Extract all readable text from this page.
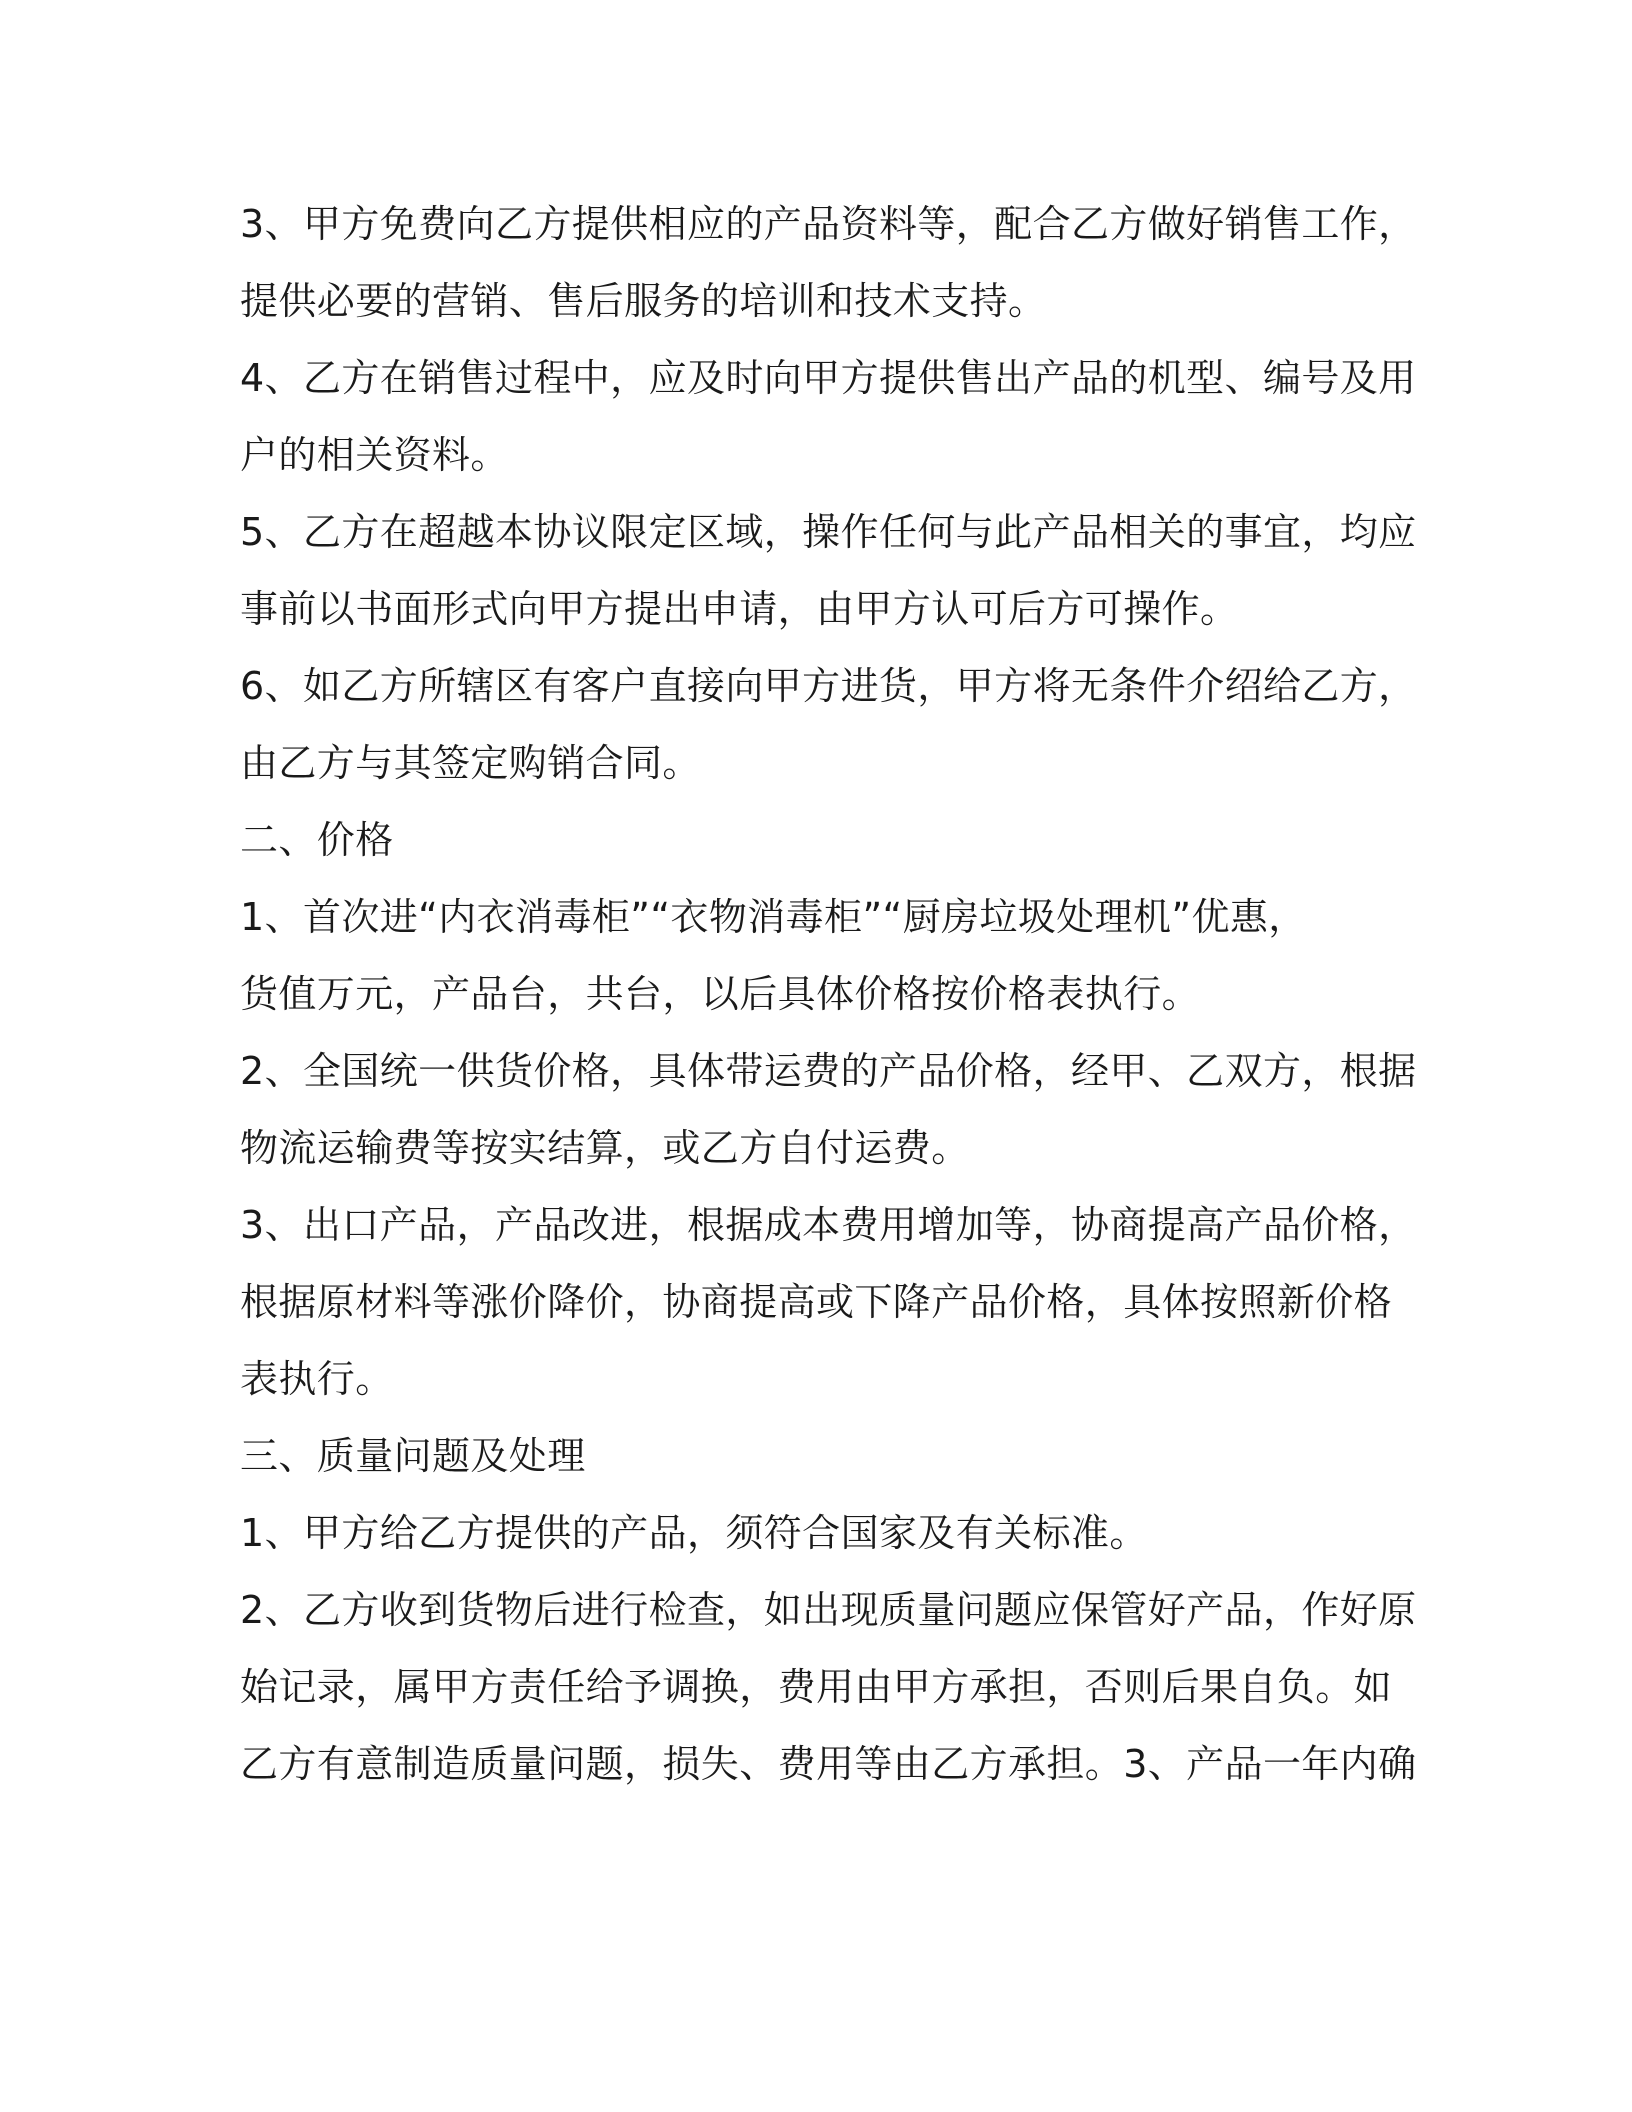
3、甲方免费向乙方提供相应的产品资料等，配合乙方做好销售工作，
提供必要的营销、售后服务的培训和技术支持。

4、乙方在销售过程中，应及时向甲方提供售出产品的机型、编号及用
户的相关资料。

5、乙方在超越本协议限定区域，操作任何与此产品相关的事宜，均应
事前以书面形式向甲方提出申请，由甲方认可后方可操作。

6、如乙方所辖区有客户直接向甲方进货，甲方将无条件介绍给乙方，
由乙方与其签定购销合同。

二、价格

1、首次进“内衣消毒柜”“衣物消毒柜”“厨房垃圾处理机”优惠，
货值万元，产品台，共台，以后具体价格按价格表执行。

2、全国统一供货价格，具体带运费的产品价格，经甲、乙双方，根据
物流运输费等按实结算，或乙方自付运费。

3、出口产品，产品改进，根据成本费用增加等，协商提高产品价格，
根据原材料等涨价降价，协商提高或下降产品价格，具体按照新价格
表执行。

三、质量问题及处理

1、甲方给乙方提供的产品，须符合国家及有关标准。

2、乙方收到货物后进行检查，如出现质量问题应保管好产品，作好原
始记录，属甲方责任给予调换，费用由甲方承担，否则后果自负。如
乙方有意制造质量问题，损失、费用等由乙方承担。3、产品一年内确
